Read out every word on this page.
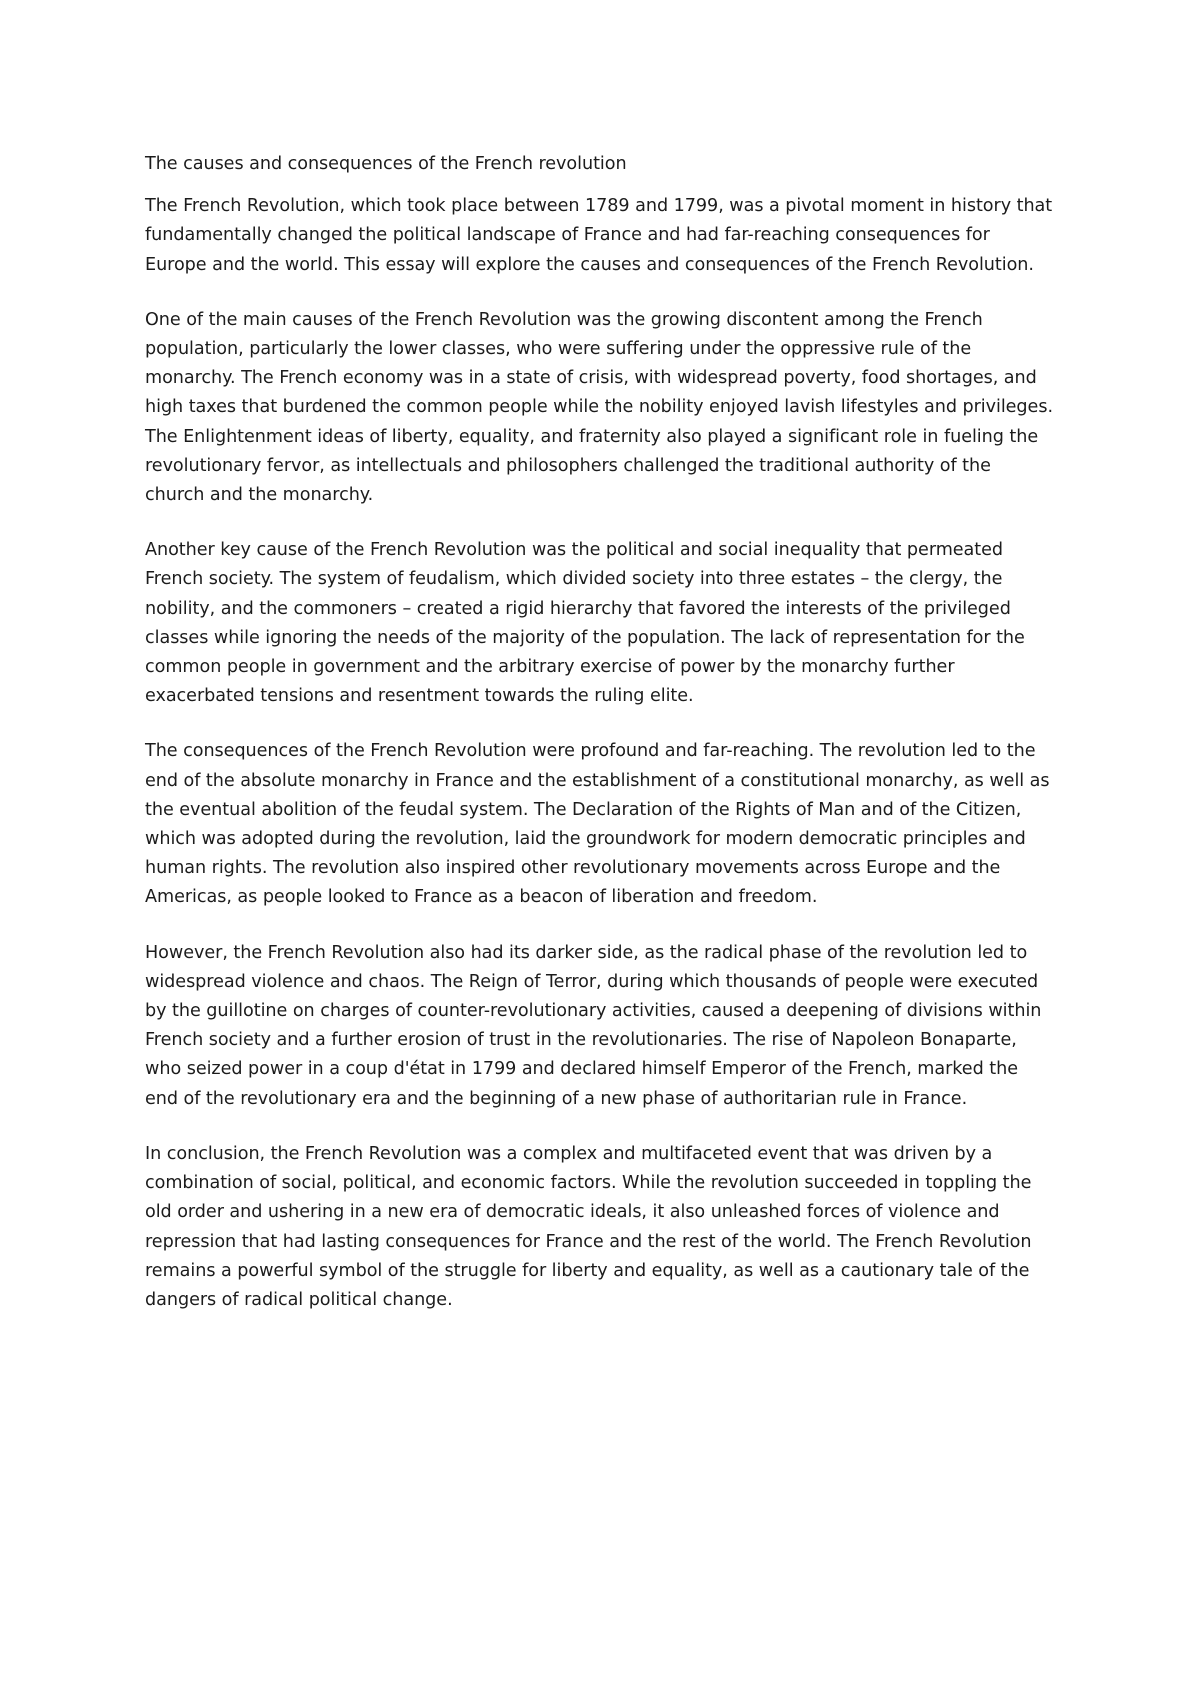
The causes and consequences of the French revolution

The French Revolution, which took place between 1789 and 1799, was a pivotal moment in history that fundamentally changed the political landscape of France and had far-reaching consequences for Europe and the world. This essay will explore the causes and consequences of the French Revolution.

One of the main causes of the French Revolution was the growing discontent among the French population, particularly the lower classes, who were suffering under the oppressive rule of the monarchy. The French economy was in a state of crisis, with widespread poverty, food shortages, and high taxes that burdened the common people while the nobility enjoyed lavish lifestyles and privileges. The Enlightenment ideas of liberty, equality, and fraternity also played a significant role in fueling the revolutionary fervor, as intellectuals and philosophers challenged the traditional authority of the church and the monarchy.

Another key cause of the French Revolution was the political and social inequality that permeated French society. The system of feudalism, which divided society into three estates – the clergy, the nobility, and the commoners – created a rigid hierarchy that favored the interests of the privileged classes while ignoring the needs of the majority of the population. The lack of representation for the common people in government and the arbitrary exercise of power by the monarchy further exacerbated tensions and resentment towards the ruling elite.

The consequences of the French Revolution were profound and far-reaching. The revolution led to the end of the absolute monarchy in France and the establishment of a constitutional monarchy, as well as the eventual abolition of the feudal system. The Declaration of the Rights of Man and of the Citizen, which was adopted during the revolution, laid the groundwork for modern democratic principles and human rights. The revolution also inspired other revolutionary movements across Europe and the Americas, as people looked to France as a beacon of liberation and freedom.

However, the French Revolution also had its darker side, as the radical phase of the revolution led to widespread violence and chaos. The Reign of Terror, during which thousands of people were executed by the guillotine on charges of counter-revolutionary activities, caused a deepening of divisions within French society and a further erosion of trust in the revolutionaries. The rise of Napoleon Bonaparte, who seized power in a coup d'état in 1799 and declared himself Emperor of the French, marked the end of the revolutionary era and the beginning of a new phase of authoritarian rule in France.

In conclusion, the French Revolution was a complex and multifaceted event that was driven by a combination of social, political, and economic factors. While the revolution succeeded in toppling the old order and ushering in a new era of democratic ideals, it also unleashed forces of violence and repression that had lasting consequences for France and the rest of the world. The French Revolution remains a powerful symbol of the struggle for liberty and equality, as well as a cautionary tale of the dangers of radical political change.
